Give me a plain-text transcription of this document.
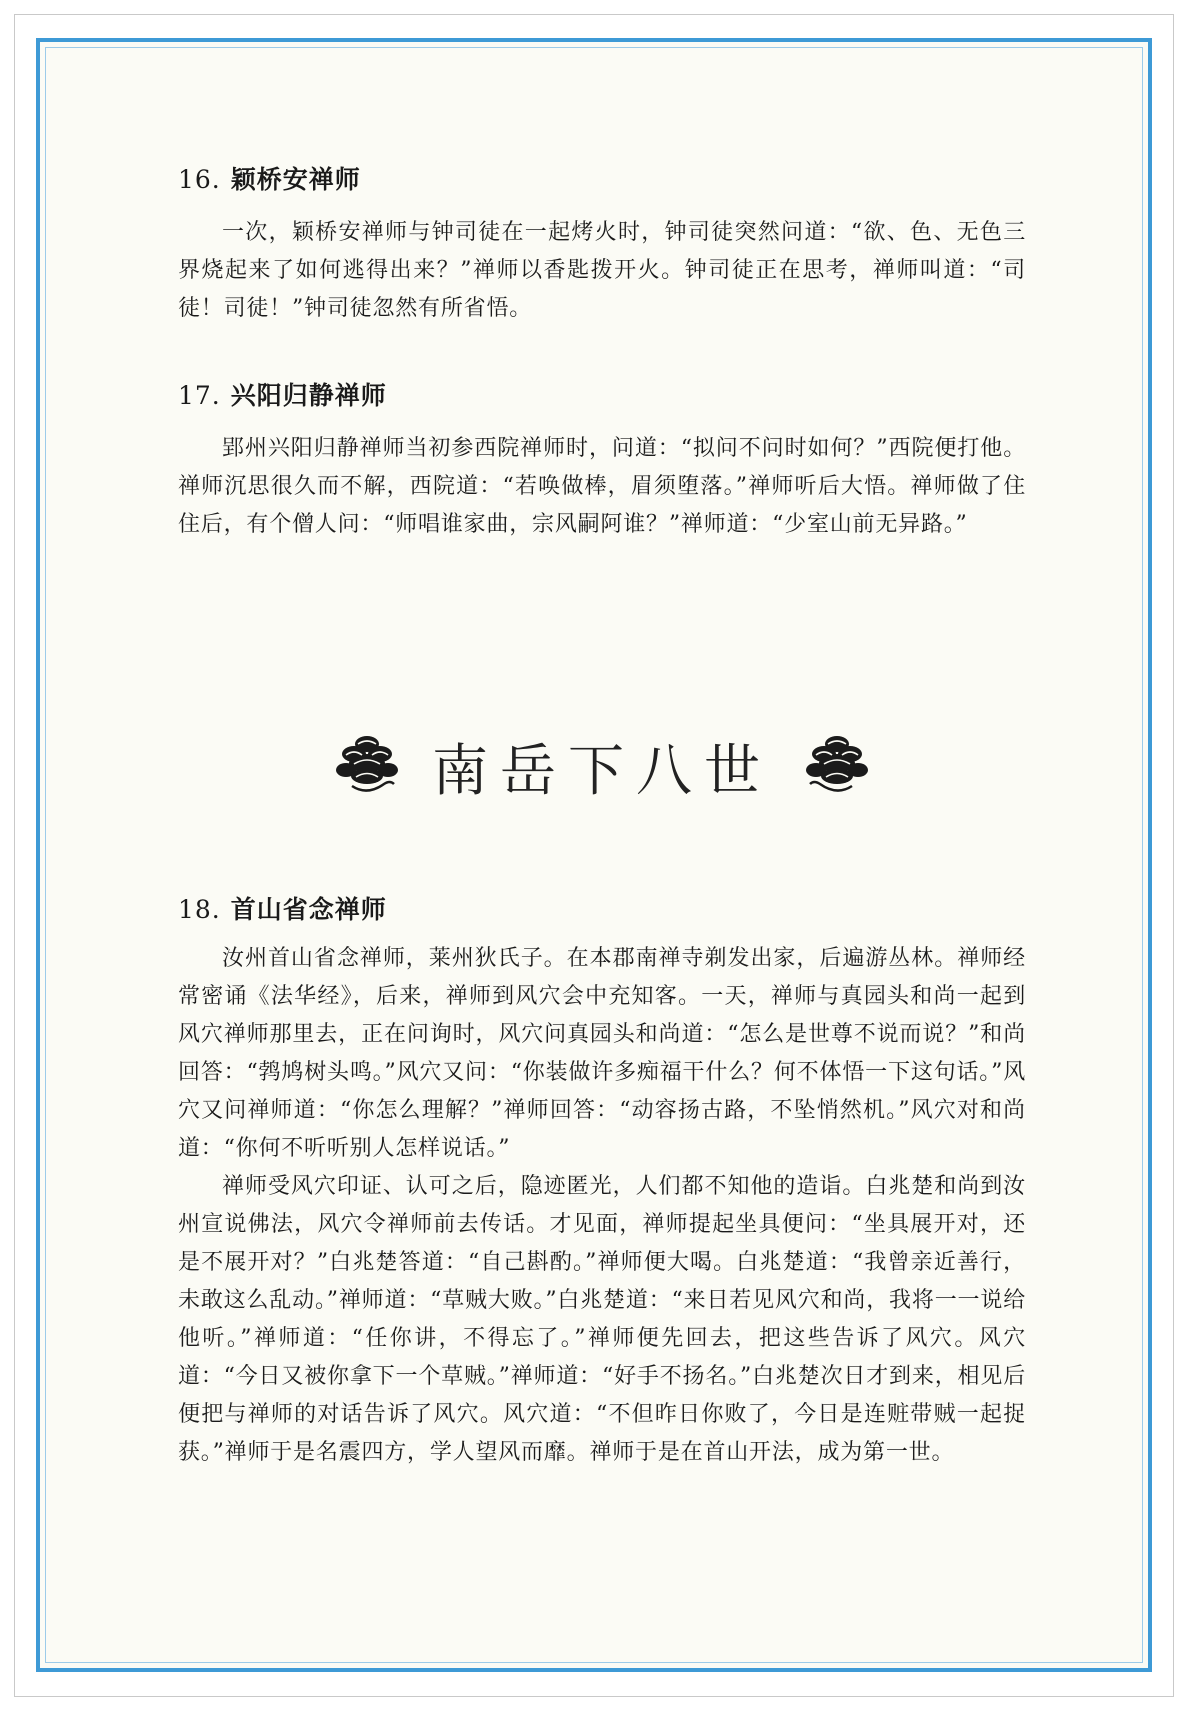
16. 颖桥安禅师

一次，颖桥安禅师与钟司徒在一起烤火时，钟司徒突然问道：“欲、色、无色三界烧起来了如何逃得出来？”禅师以香匙拨开火。钟司徒正在思考，禅师叫道：“司徒！司徒！”钟司徒忽然有所省悟。

17. 兴阳归静禅师

郢州兴阳归静禅师当初参西院禅师时，问道：“拟问不问时如何？”西院便打他。禅师沉思很久而不解，西院道：“若唤做棒，眉须堕落。”禅师听后大悟。禅师做了住住后，有个僧人问：“师唱谁家曲，宗风嗣阿谁？”禅师道：“少室山前无异路。”

南岳下八世
18. 首山省念禅师

汝州首山省念禅师，莱州狄氏子。在本郡南禅寺剃发出家，后遍游丛林。禅师经常密诵《法华经》，后来，禅师到风穴会中充知客。一天，禅师与真园头和尚一起到风穴禅师那里去，正在问询时，风穴问真园头和尚道：“怎么是世尊不说而说？”和尚回答：“鹁鸠树头鸣。”风穴又问：“你装做许多痴福干什么？何不体悟一下这句话。”风穴又问禅师道：“你怎么理解？”禅师回答：“动容扬古路，不坠悄然机。”风穴对和尚道：“你何不听听别人怎样说话。”

禅师受风穴印证、认可之后，隐迹匿光，人们都不知他的造诣。白兆楚和尚到汝州宣说佛法，风穴令禅师前去传话。才见面，禅师提起坐具便问：“坐具展开对，还是不展开对？”白兆楚答道：“自己斟酌。”禅师便大喝。白兆楚道：“我曾亲近善行，未敢这么乱动。”禅师道：“草贼大败。”白兆楚道：“来日若见风穴和尚，我将一一说给他听。”禅师道：“任你讲，不得忘了。”禅师便先回去，把这些告诉了风穴。风穴道：“今日又被你拿下一个草贼。”禅师道：“好手不扬名。”白兆楚次日才到来，相见后便把与禅师的对话告诉了风穴。风穴道：“不但昨日你败了，今日是连赃带贼一起捉获。”禅师于是名震四方，学人望风而靡。禅师于是在首山开法，成为第一世。
